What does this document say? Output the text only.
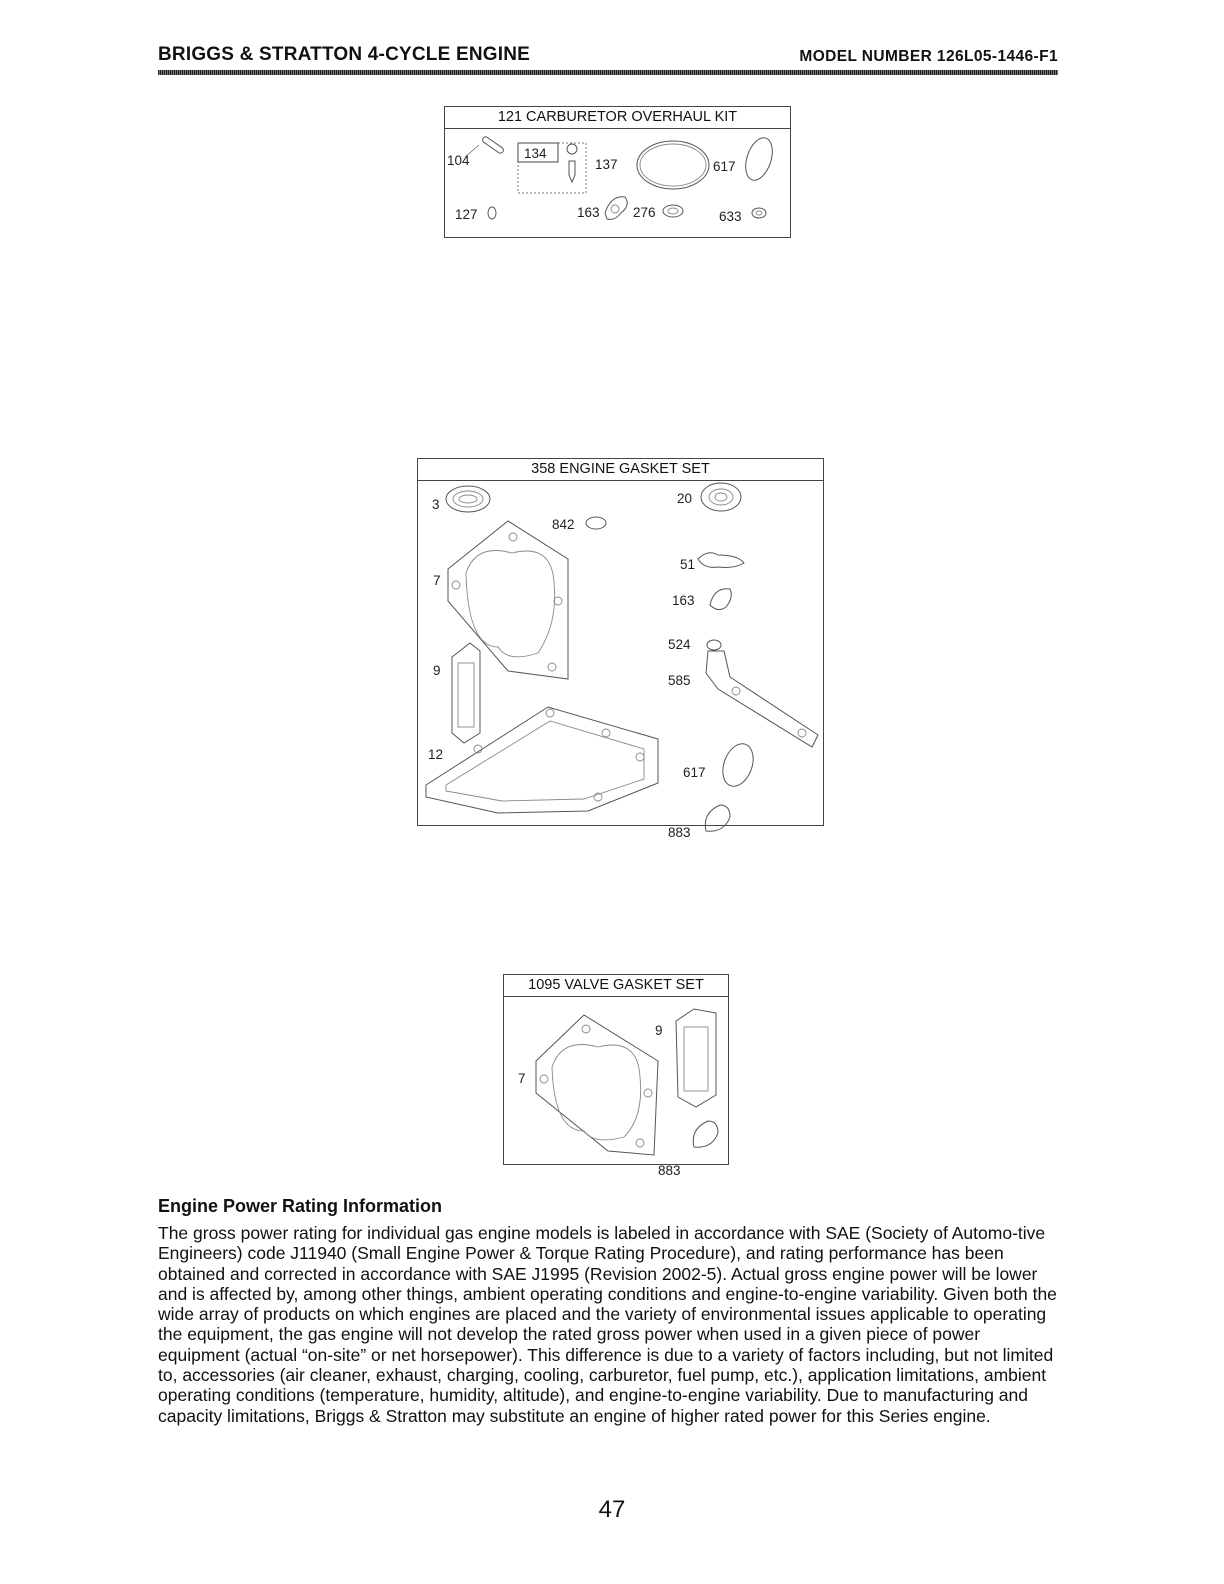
BRIGGS & STRATTON 4-CYCLE ENGINE	MODEL NUMBER 126L05-1446-F1
121 CARBURETOR OVERHAUL KIT
104	134
137	617
127	163 276	633
358 ENGINE GASKET SET
3
842
20
7
51
163
524
9
585
12
617
883
1095 VALVE GASKET SET
9
7
883
Engine Power Rating Information

The gross power rating for individual gas engine models is labeled in accordance with SAE (Society of Automo-tive Engineers) code J11940 (Small Engine Power & Torque Rating Procedure), and rating performance has been obtained and corrected in accordance with SAE J1995 (Revision 2002-5). Actual gross engine power will be lower and is affected by, among other things, ambient operating conditions and engine-to-engine variability. Given both the wide array of products on which engines are placed and the variety of environmental issues applicable to operating the equipment, the gas engine will not develop the rated gross power when used in a given piece of power equipment (actual “on-site” or net horsepower). This difference is due to a variety of factors including, but not limited to, accessories (air cleaner, exhaust, charging, cooling, carburetor, fuel pump, etc.), application limitations, ambient operating conditions (temperature, humidity, altitude), and engine-to-engine variability. Due to manufacturing and capacity limitations, Briggs & Stratton may substitute an engine of higher rated power for this Series engine.

47
